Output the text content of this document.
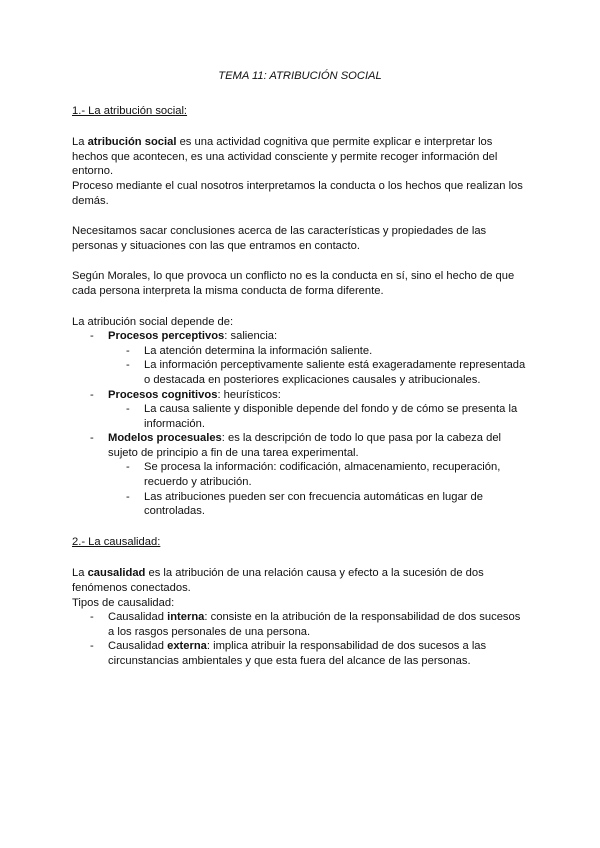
TEMA 11: ATRIBUCIÓN SOCIAL

1.- La atribución social:

La atribución social es una actividad cognitiva que permite explicar e interpretar los hechos que acontecen, es una actividad consciente y permite recoger información del entorno.

Proceso mediante el cual nosotros interpretamos la conducta o los hechos que realizan los demás.

Necesitamos sacar conclusiones acerca de las características y propiedades de las personas y situaciones con las que entramos en contacto.

Según Morales, lo que provoca un conflicto no es la conducta en sí, sino el hecho de que cada persona interpreta la misma conducta de forma diferente.

La atribución social depende de:

- Procesos perceptivos: saliencia:
- La atención determina la información saliente.
- La información perceptivamente saliente está exageradamente representada o destacada en posteriores explicaciones causales y atribucionales.
- Procesos cognitivos: heurísticos:
- La causa saliente y disponible depende del fondo y de cómo se presenta la información.
- Modelos procesuales: es la descripción de todo lo que pasa por la cabeza del sujeto de principio a fin de una tarea experimental.
- Se procesa la información: codificación, almacenamiento, recuperación, recuerdo y atribución.
- Las atribuciones pueden ser con frecuencia automáticas en lugar de controladas.

2.- La causalidad:

La causalidad es la atribución de una relación causa y efecto a la sucesión de dos fenómenos conectados.

Tipos de causalidad:

- Causalidad interna: consiste en la atribución de la responsabilidad de dos sucesos a los rasgos personales de una persona.
- Causalidad externa: implica atribuir la responsabilidad de dos sucesos a las circunstancias ambientales y que esta fuera del alcance de las personas.
